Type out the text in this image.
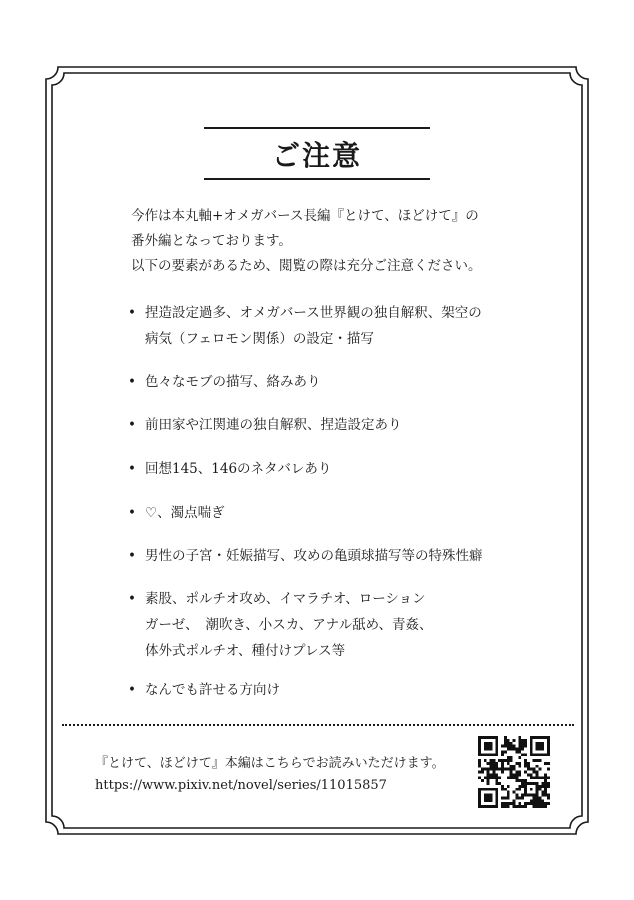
ご注意
今作は本丸軸+オメガバース長編『とけて、ほどけて』の
番外編となっております。
以下の要素があるため、閲覧の際は充分ご注意ください。
• 捏造設定過多、オメガバース世界観の独自解釈、架空の
病気（フェロモン関係）の設定・描写
• 色々なモブの描写、絡みあり
• 前田家や江関連の独自解釈、捏造設定あり
• 回想145、146のネタバレあり
• ♡、濁点喘ぎ
• 男性の子宮・妊娠描写、攻めの亀頭球描写等の特殊性癖
• 素股、ポルチオ攻め、イマラチオ、ローション
ガーゼ、　潮吹き、小スカ、アナル舐め、青姦、
体外式ポルチオ、種付けプレス等
• なんでも許せる方向け
『とけて、ほどけて』本編はこちらでお読みいただけます。
https://www.pixiv.net/novel/series/11015857
